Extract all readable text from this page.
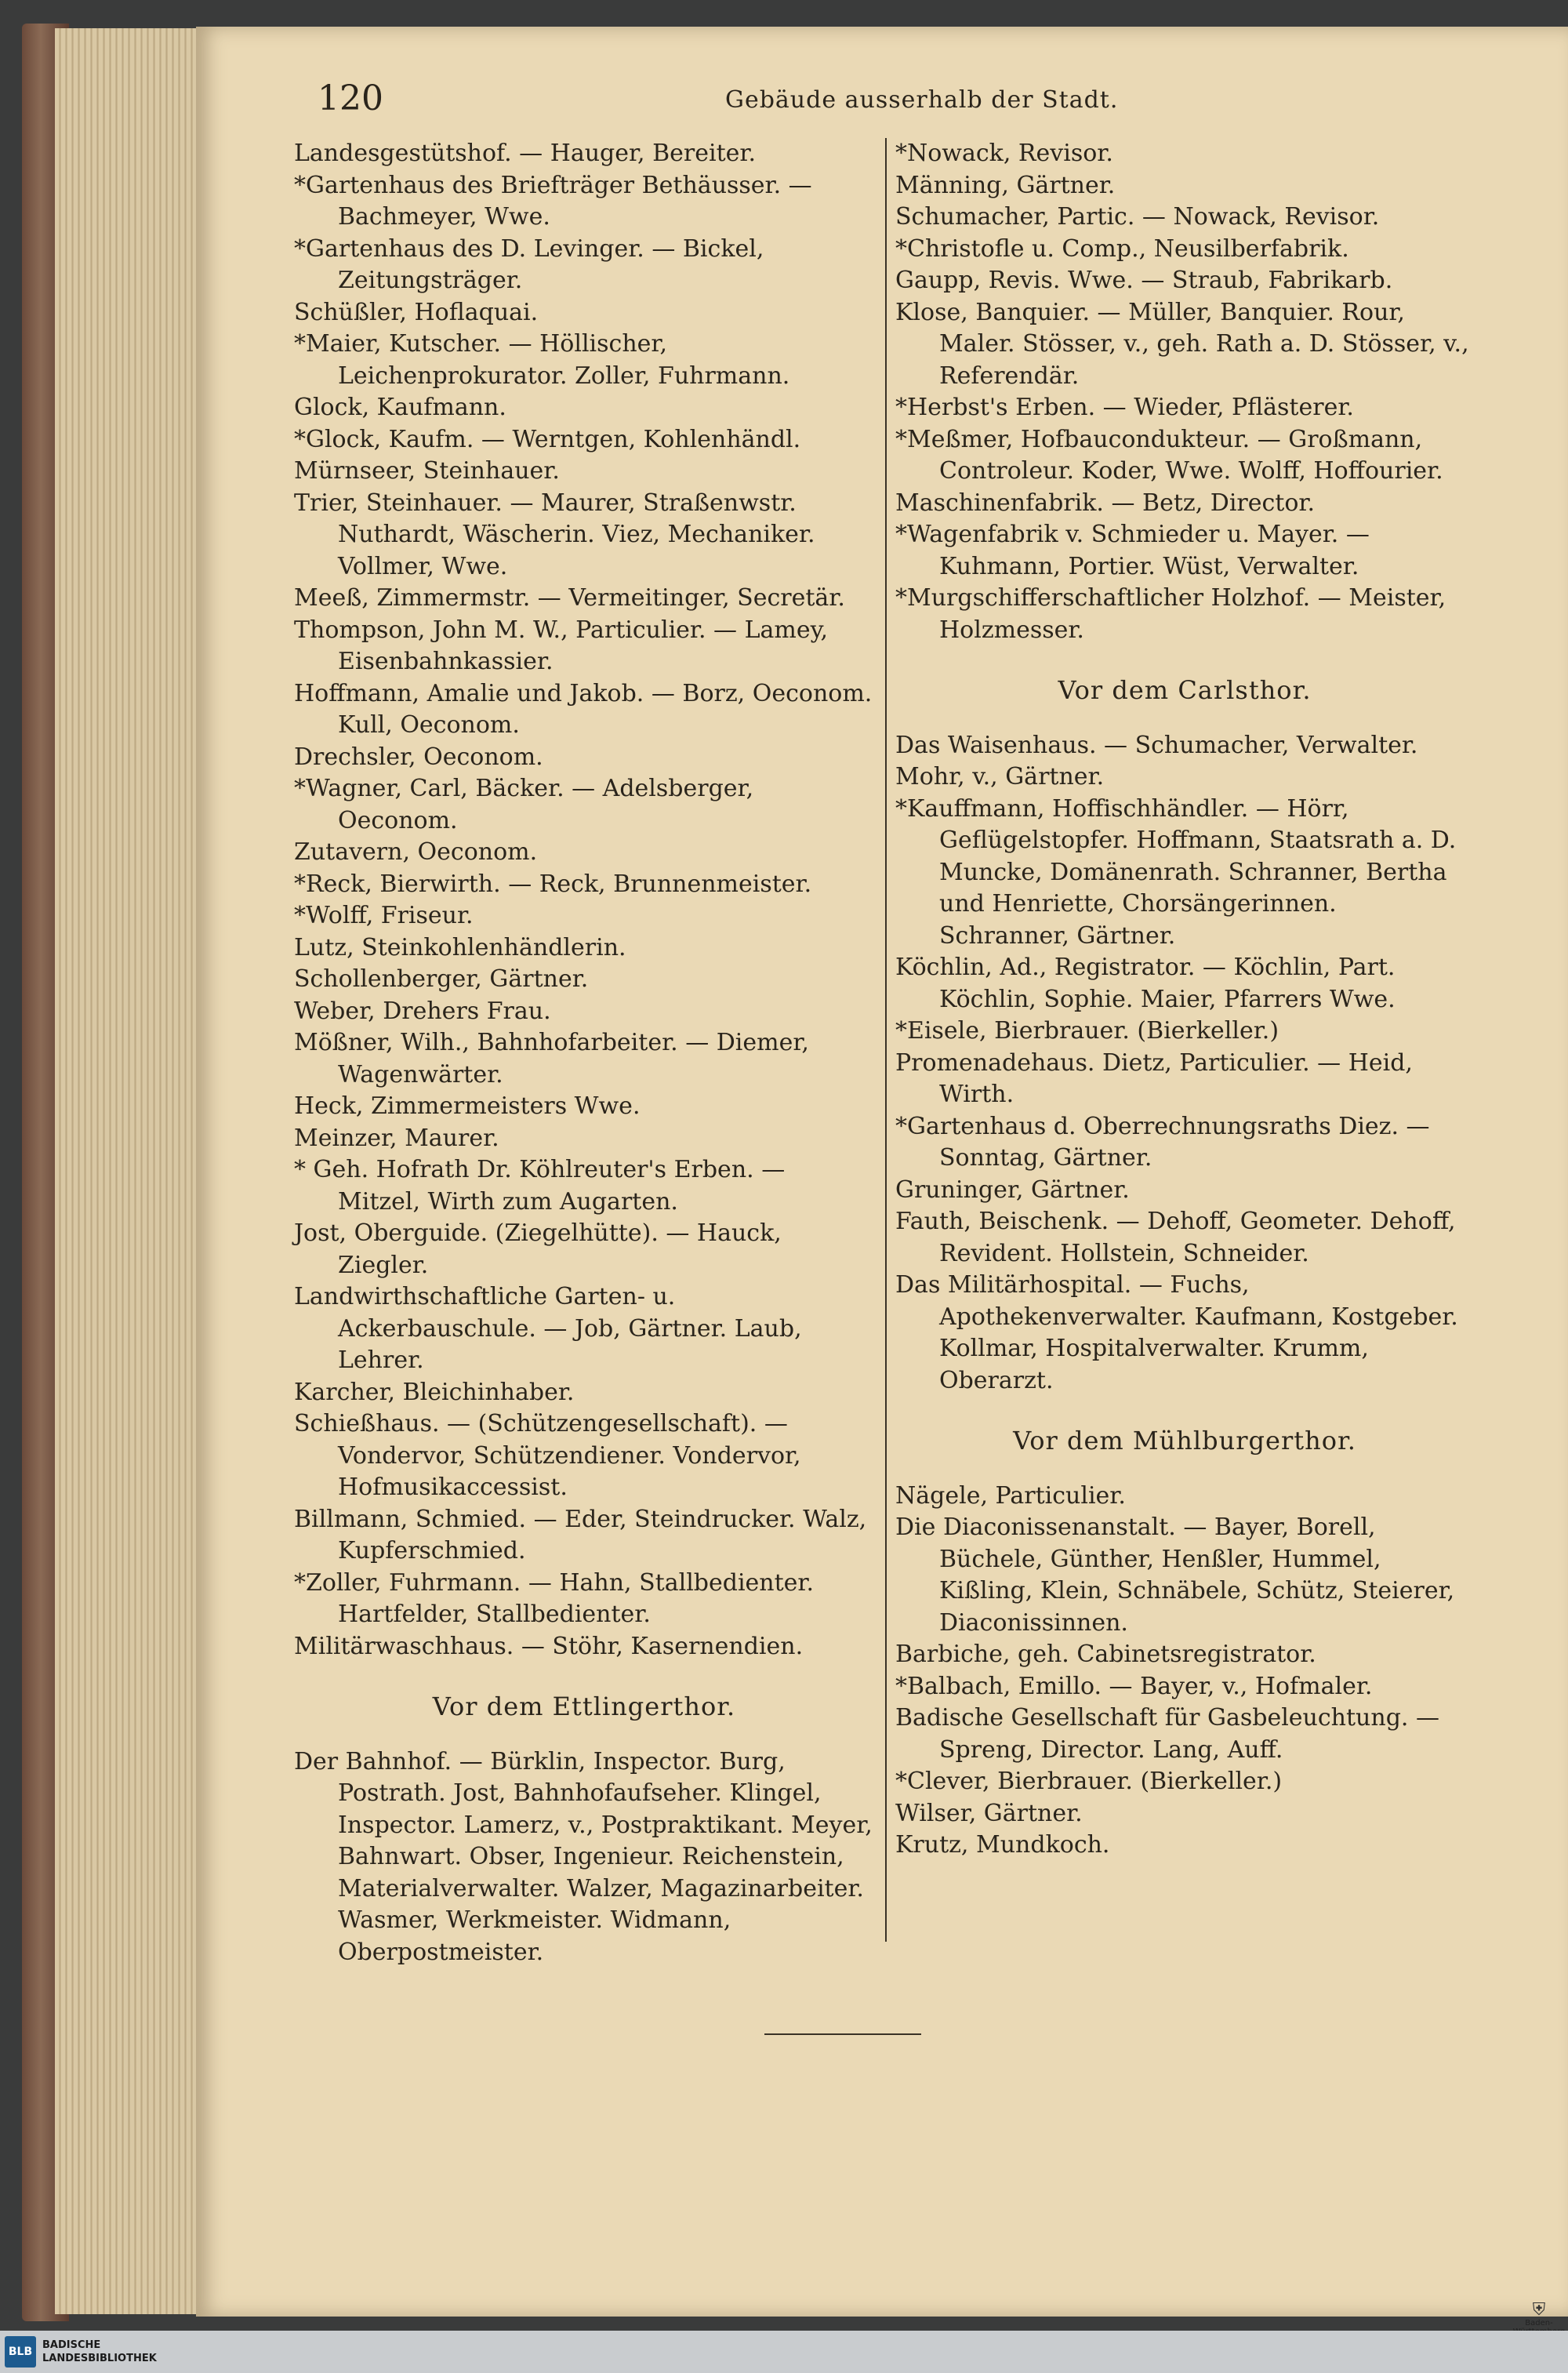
120	Gebäude ausserhalb der Stadt.

Landesgestütshof. — Hauger, Bereiter.

*Gartenhaus des Briefträger Bethäusser. — Bachmeyer, Wwe.

*Gartenhaus des D. Levinger. — Bickel, Zeitungsträger.

Schüßler, Hoflaquai.

*Maier, Kutscher. — Höllischer, Leichenprokurator. Zoller, Fuhrmann.

Glock, Kaufmann.

*Glock, Kaufm. — Werntgen, Kohlenhändl.

Mürnseer, Steinhauer.

Trier, Steinhauer. — Maurer, Straßenwstr. Nuthardt, Wäscherin. Viez, Mechaniker. Vollmer, Wwe.

Meeß, Zimmermstr. — Vermeitinger, Secretär.

Thompson, John M. W., Particulier. — Lamey, Eisenbahnkassier.

Hoffmann, Amalie und Jakob. — Borz, Oeconom. Kull, Oeconom.

Drechsler, Oeconom.

*Wagner, Carl, Bäcker. — Adelsberger, Oeconom.

Zutavern, Oeconom.

*Reck, Bierwirth. — Reck, Brunnenmeister.

*Wolff, Friseur.

Lutz, Steinkohlenhändlerin.

Schollenberger, Gärtner.

Weber, Drehers Frau.

Mößner, Wilh., Bahnhofarbeiter. — Diemer, Wagenwärter.

Heck, Zimmermeisters Wwe.

Meinzer, Maurer.

* Geh. Hofrath Dr. Köhlreuter's Erben. — Mitzel, Wirth zum Augarten.

Jost, Oberguide. (Ziegelhütte). — Hauck, Ziegler.

Landwirthschaftliche Garten- u. Ackerbauschule. — Job, Gärtner. Laub, Lehrer.

Karcher, Bleichinhaber.

Schießhaus. — (Schützengesellschaft). — Vondervor, Schützendiener. Vondervor, Hofmusikaccessist.

Billmann, Schmied. — Eder, Steindrucker. Walz, Kupferschmied.

*Zoller, Fuhrmann. — Hahn, Stallbedienter. Hartfelder, Stallbedienter.

Militärwaschhaus. — Stöhr, Kasernendien.

Vor dem Ettlingerthor.

Der Bahnhof. — Bürklin, Inspector. Burg, Postrath. Jost, Bahnhofaufseher. Klingel, Inspector. Lamerz, v., Postpraktikant. Meyer, Bahnwart. Obser, Ingenieur. Reichenstein, Materialverwalter. Walzer, Magazinarbeiter. Wasmer, Werkmeister. Widmann, Oberpostmeister.

*Nowack, Revisor.

Männing, Gärtner.

Schumacher, Partic. — Nowack, Revisor.

*Christofle u. Comp., Neusilberfabrik.

Gaupp, Revis. Wwe. — Straub, Fabrikarb.

Klose, Banquier. — Müller, Banquier. Rour, Maler. Stösser, v., geh. Rath a. D. Stösser, v., Referendär.

*Herbst's Erben. — Wieder, Pflästerer.

*Meßmer, Hofbaucondukteur. — Großmann, Controleur. Koder, Wwe. Wolff, Hoffourier.

Maschinenfabrik. — Betz, Director.

*Wagenfabrik v. Schmieder u. Mayer. — Kuhmann, Portier. Wüst, Verwalter.

*Murgschifferschaftlicher Holzhof. — Meister, Holzmesser.

Vor dem Carlsthor.

Das Waisenhaus. — Schumacher, Verwalter.

Mohr, v., Gärtner.

*Kauffmann, Hoffischhändler. — Hörr, Geflügelstopfer. Hoffmann, Staatsrath a. D. Muncke, Domänenrath. Schranner, Bertha und Henriette, Chorsängerinnen. Schranner, Gärtner.

Köchlin, Ad., Registrator. — Köchlin, Part. Köchlin, Sophie. Maier, Pfarrers Wwe.

*Eisele, Bierbrauer. (Bierkeller.)

Promenadehaus. Dietz, Particulier. — Heid, Wirth.

*Gartenhaus d. Oberrechnungsraths Diez. — Sonntag, Gärtner.

Gruninger, Gärtner.

Fauth, Beischenk. — Dehoff, Geometer. Dehoff, Revident. Hollstein, Schneider.

Das Militärhospital. — Fuchs, Apothekenverwalter. Kaufmann, Kostgeber. Kollmar, Hospitalverwalter. Krumm, Oberarzt.

Vor dem Mühlburgerthor.

Nägele, Particulier.

Die Diaconissenanstalt. — Bayer, Borell, Büchele, Günther, Henßler, Hummel, Kißling, Klein, Schnäbele, Schütz, Steierer, Diaconissinnen.

Barbiche, geh. Cabinetsregistrator.

*Balbach, Emillo. — Bayer, v., Hofmaler.

Badische Gesellschaft für Gasbeleuchtung. — Spreng, Director. Lang, Auff.

*Clever, Bierbrauer. (Bierkeller.)

Wilser, Gärtner.

Krutz, Mundkoch.

⛨
Baden-
BLB
BADISCHE
LANDESBIBLIOTHEK
